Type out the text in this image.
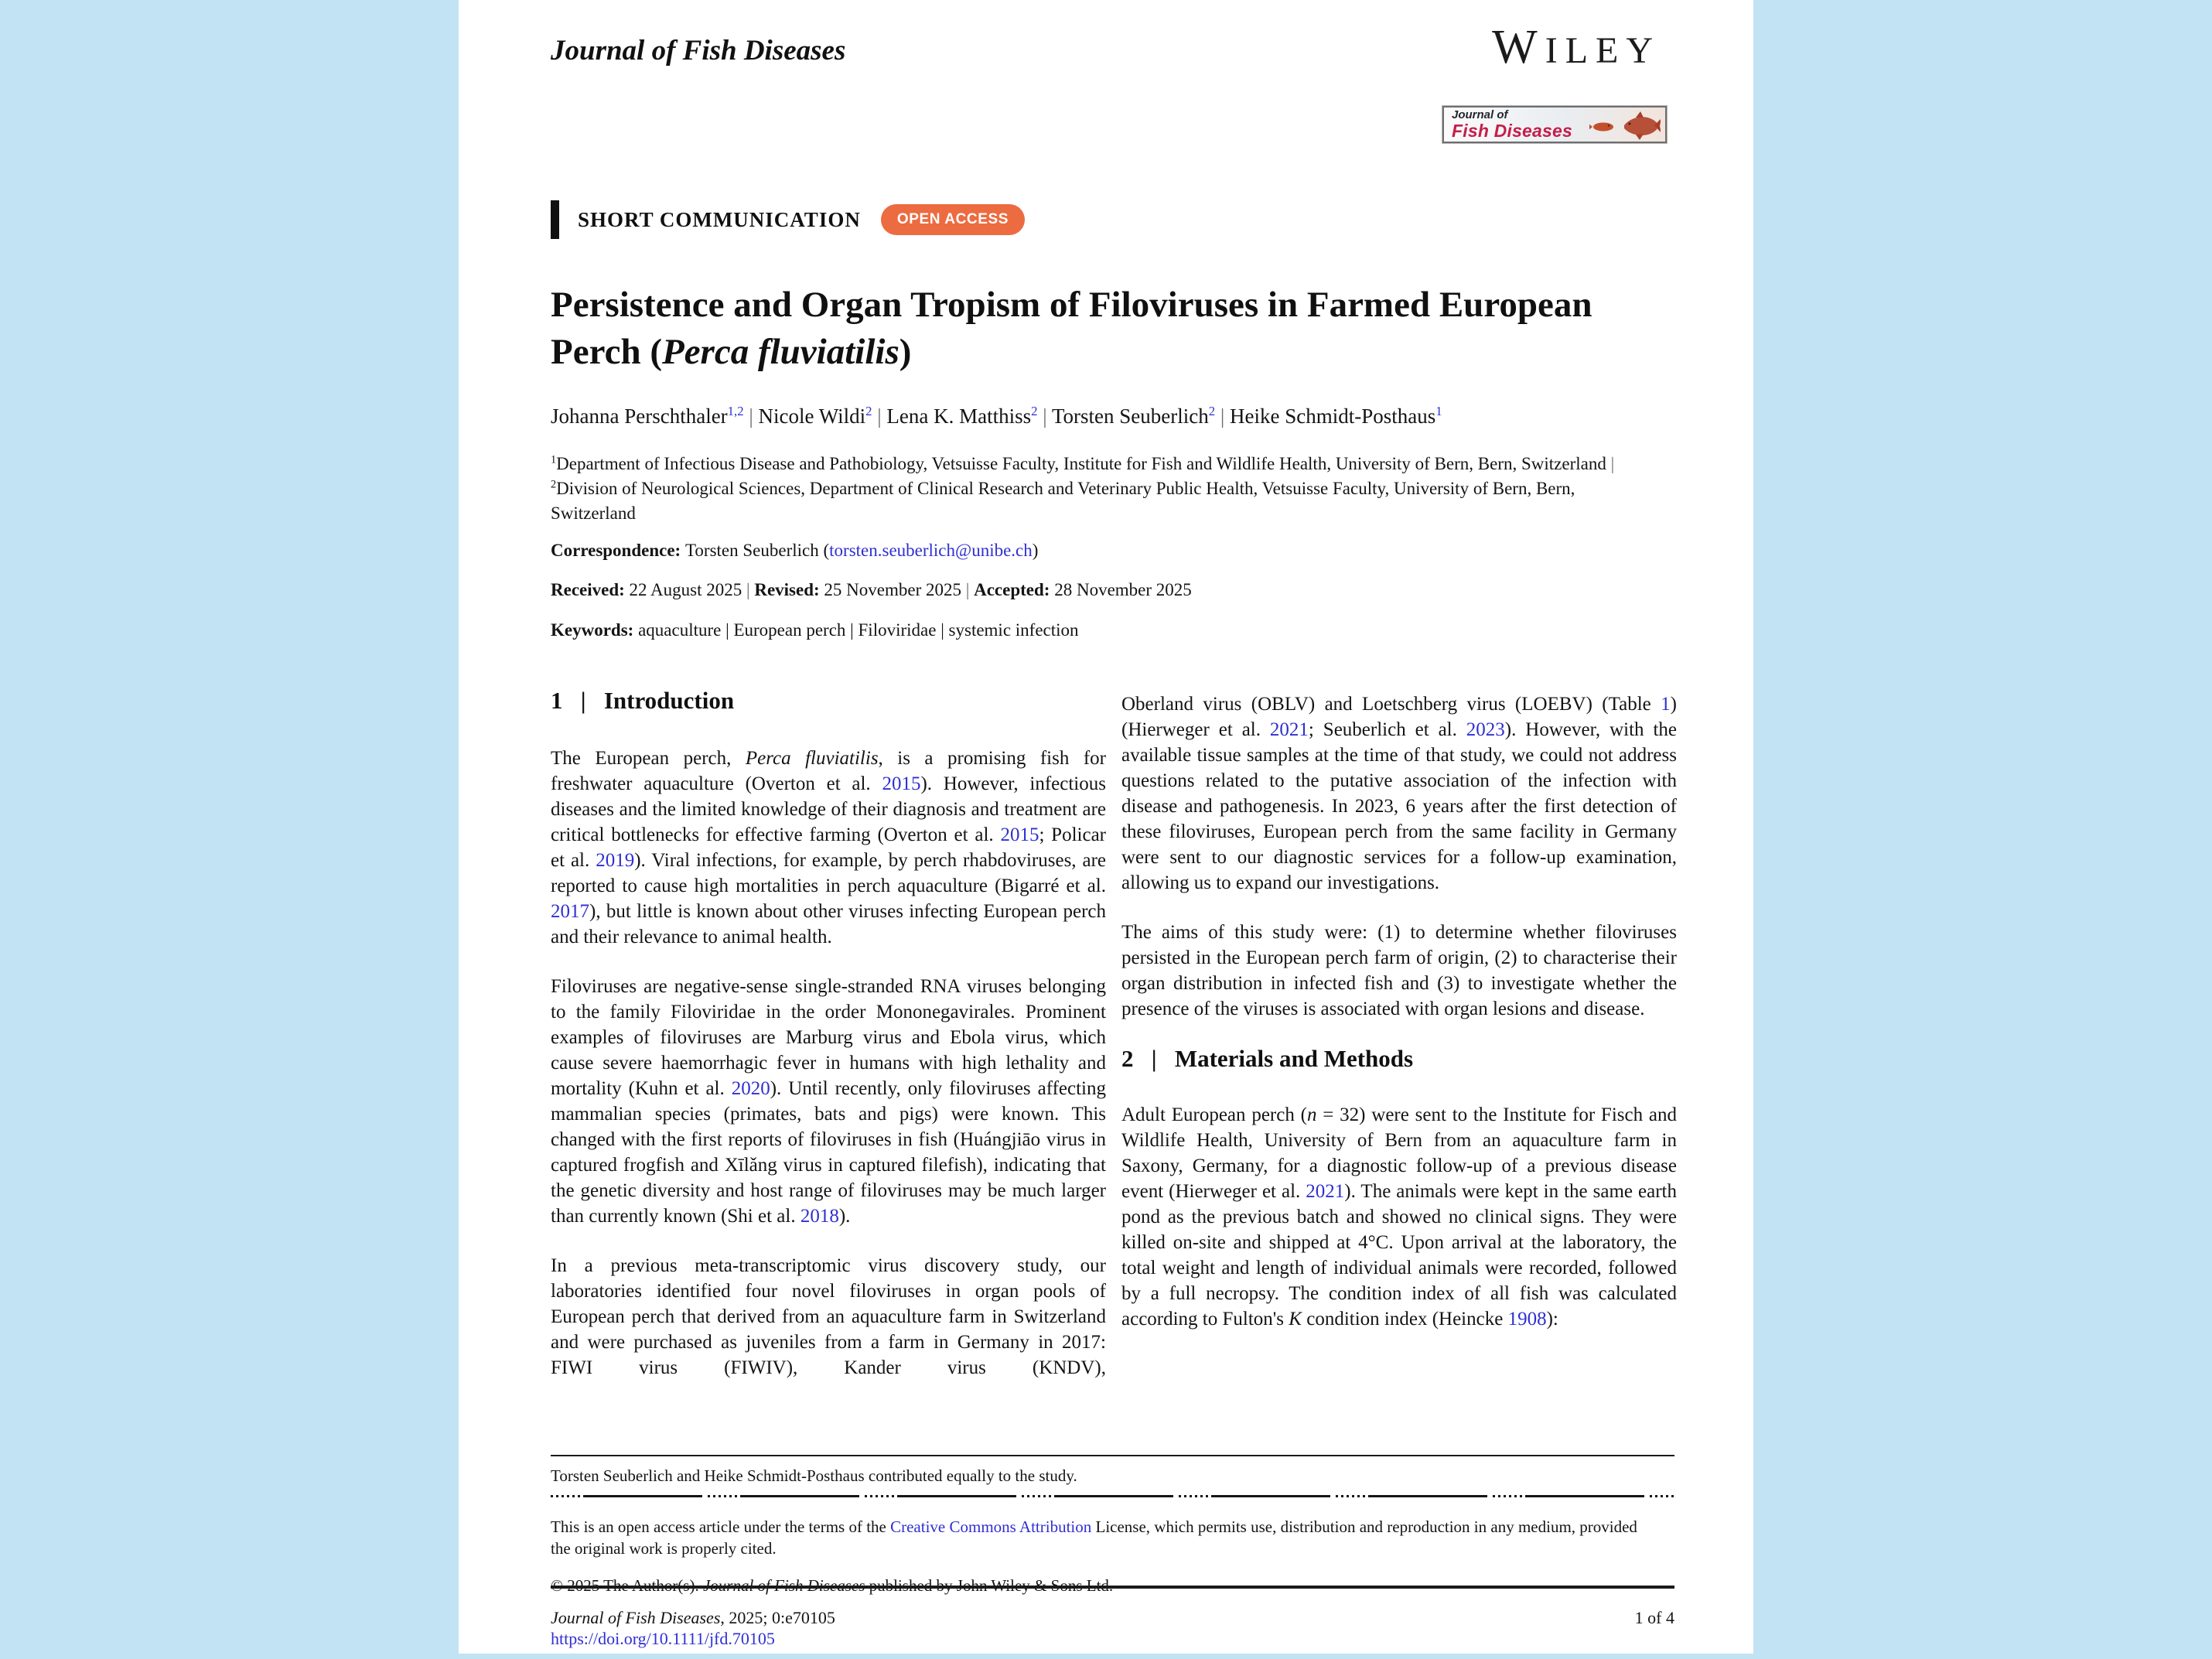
Journal of Fish Diseases	WILEY
Journal of
Fish Diseases
SHORT COMMUNICATION	OPEN ACCESS
Persistence and Organ Tropism of Filoviruses in Farmed European Perch (Perca fluviatilis)
Johanna Perschthaler$^{1,2}$ | Nicole Wildi$^2$ | Lena K. Matthiss$^2$ | Torsten Seuberlich$^2$ | Heike Schmidt-Posthaus$^1$
$^1$Department of Infectious Disease and Pathobiology, Vetsuisse Faculty, Institute for Fish and Wildlife Health, University of Bern, Bern, Switzerland | $^2$Division of Neurological Sciences, Department of Clinical Research and Veterinary Public Health, Vetsuisse Faculty, University of Bern, Bern, Switzerland
Correspondence: Torsten Seuberlich (torsten.seuberlich@unibe.ch)
Received: 22 August 2025 | Revised: 25 November 2025 | Accepted: 28 November 2025
Keywords: aquaculture | European perch | Filoviridae | systemic infection
1   |   Introduction

The European perch, Perca fluviatilis, is a promising fish for freshwater aquaculture (Overton et al. 2015). However, infectious diseases and the limited knowledge of their diagnosis and treatment are critical bottlenecks for effective farming (Overton et al. 2015; Policar et al. 2019). Viral infections, for example, by perch rhabdoviruses, are reported to cause high mortalities in perch aquaculture (Bigarré et al. 2017), but little is known about other viruses infecting European perch and their relevance to animal health.

Filoviruses are negative-sense single-stranded RNA viruses belonging to the family Filoviridae in the order Mononegavirales. Prominent examples of filoviruses are Marburg virus and Ebola virus, which cause severe haemorrhagic fever in humans with high lethality and mortality (Kuhn et al. 2020). Until recently, only filoviruses affecting mammalian species (primates, bats and pigs) were known. This changed with the first reports of filoviruses in fish (Huángjiāo virus in captured frogfish and Xīlǎng virus in captured filefish), indicating that the genetic diversity and host range of filoviruses may be much larger than currently known (Shi et al. 2018).

In a previous meta-transcriptomic virus discovery study, our laboratories identified four novel filoviruses in organ pools of European perch that derived from an aquaculture farm in Switzerland and were purchased as juveniles from a farm in Germany in 2017: FIWI virus (FIWIV), Kander virus (KNDV),

Oberland virus (OBLV) and Loetschberg virus (LOEBV) (Table 1) (Hierweger et al. 2021; Seuberlich et al. 2023). However, with the available tissue samples at the time of that study, we could not address questions related to the putative association of the infection with disease and pathogenesis. In 2023, 6 years after the first detection of these filoviruses, European perch from the same facility in Germany were sent to our diagnostic services for a follow-up examination, allowing us to expand our investigations.

The aims of this study were: (1) to determine whether filoviruses persisted in the European perch farm of origin, (2) to characterise their organ distribution in infected fish and (3) to investigate whether the presence of the viruses is associated with organ lesions and disease.

2   |   Materials and Methods

Adult European perch (n = 32) were sent to the Institute for Fisch and Wildlife Health, University of Bern from an aquaculture farm in Saxony, Germany, for a diagnostic follow-up of a previous disease event (Hierweger et al. 2021). The animals were kept in the same earth pond as the previous batch and showed no clinical signs. They were killed on-site and shipped at 4°C. Upon arrival at the laboratory, the total weight and length of individual animals were recorded, followed by a full necropsy. The condition index of all fish was calculated according to Fulton's K condition index (Heincke 1908):

Torsten Seuberlich and Heike Schmidt-Posthaus contributed equally to the study.

This is an open access article under the terms of the Creative Commons Attribution License, which permits use, distribution and reproduction in any medium, provided the original work is properly cited.

© 2025 The Author(s). Journal of Fish Diseases published by John Wiley & Sons Ltd.

Journal of Fish Diseases, 2025; 0:e70105	1 of 4
https://doi.org/10.1111/jfd.70105
